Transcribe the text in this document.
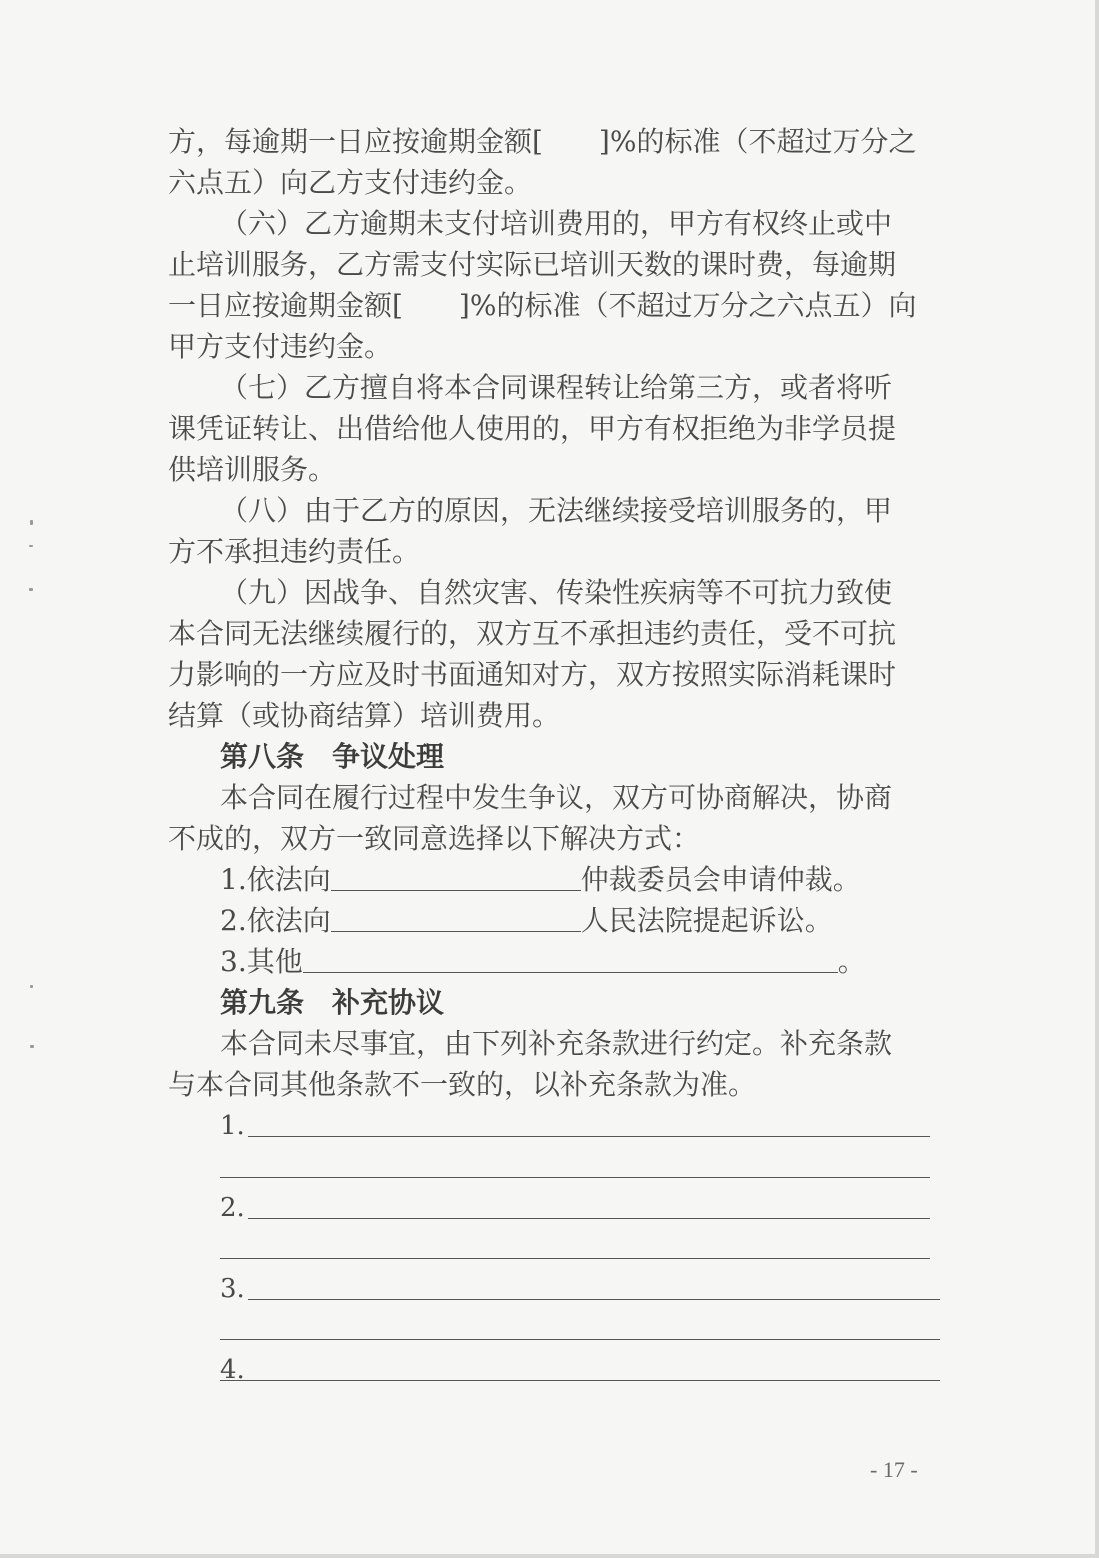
方，每逾期一日应按逾期金额[　　]%的标准（不超过万分之
六点五）向乙方支付违约金。
（六）乙方逾期未支付培训费用的，甲方有权终止或中
止培训服务，乙方需支付实际已培训天数的课时费，每逾期
一日应按逾期金额[　　]%的标准（不超过万分之六点五）向
甲方支付违约金。
（七）乙方擅自将本合同课程转让给第三方，或者将听
课凭证转让、出借给他人使用的，甲方有权拒绝为非学员提
供培训服务。
（八）由于乙方的原因，无法继续接受培训服务的，甲
方不承担违约责任。
（九）因战争、自然灾害、传染性疾病等不可抗力致使
本合同无法继续履行的，双方互不承担违约责任，受不可抗
力影响的一方应及时书面通知对方，双方按照实际消耗课时
结算（或协商结算）培训费用。
第八条　争议处理
本合同在履行过程中发生争议，双方可协商解决，协商
不成的，双方一致同意选择以下解决方式：
1.依法向	仲裁委员会申请仲裁。
2.依法向	人民法院提起诉讼。
3.其他	。
第九条　补充协议
本合同未尽事宜，由下列补充条款进行约定。补充条款
与本合同其他条款不一致的，以补充条款为准。
1.
2.
3.
4.
- 17 -
